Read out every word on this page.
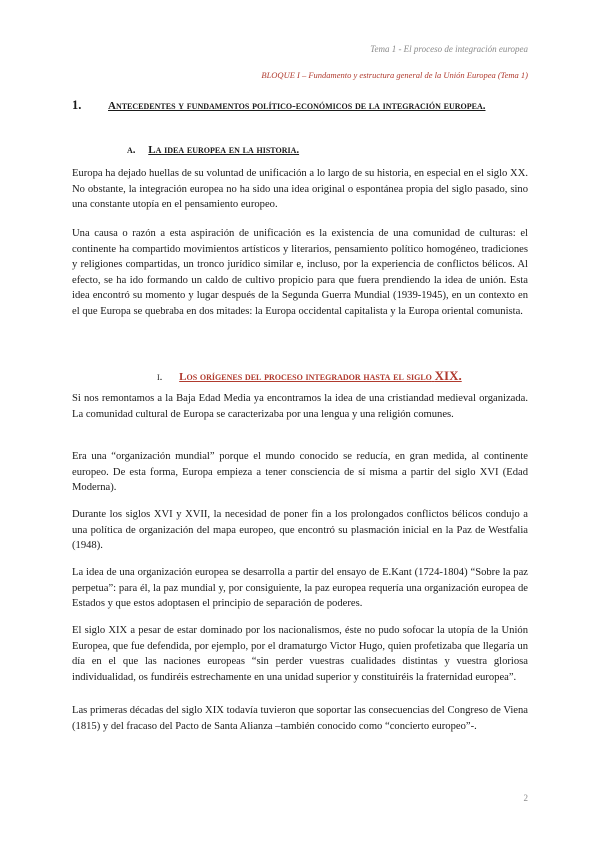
Tema 1 - El proceso de integración europea
BLOQUE I – Fundamento y estructura general de la Unión Europea (Tema 1)
1.	Antecedentes y fundamentos político-económicos de la integración europea.
a. La idea europea en la historia.

Europa ha dejado huellas de su voluntad de unificación a lo largo de su historia, en especial en el siglo XX. No obstante, la integración europea no ha sido una idea original o espontánea propia del siglo pasado, sino una constante utopía en el pensamiento europeo.

Una causa o razón a esta aspiración de unificación es la existencia de una comunidad de culturas: el continente ha compartido movimientos artísticos y literarios, pensamiento político homogéneo, tradiciones y religiones compartidas, un tronco jurídico similar e, incluso, por la experiencia de conflictos bélicos. Al efecto, se ha ido formando un caldo de cultivo propicio para que fuera prendiendo la idea de unión. Esta idea encontró su momento y lugar después de la Segunda Guerra Mundial (1939-1945), en un contexto en el que Europa se quebraba en dos mitades: la Europa occidental capitalista y la Europa oriental comunista.

i. Los orígenes del proceso integrador hasta el siglo XIX.

Si nos remontamos a la Baja Edad Media ya encontramos la idea de una cristiandad medieval organizada. La comunidad cultural de Europa se caracterizaba por una lengua y una religión comunes.

Era una “organización mundial” porque el mundo conocido se reducía, en gran medida, al continente europeo. De esta forma, Europa empieza a tener consciencia de sí misma a partir del siglo XVI (Edad Moderna).

Durante los siglos XVI y XVII, la necesidad de poner fin a los prolongados conflictos bélicos condujo a una política de organización del mapa europeo, que encontró su plasmación inicial en la Paz de Westfalia (1948).

La idea de una organización europea se desarrolla a partir del ensayo de E.Kant (1724-1804) “Sobre la paz perpetua”: para él, la paz mundial y, por consiguiente, la paz europea requería una organización europea de Estados y que estos adoptasen el principio de separación de poderes.

El siglo XIX a pesar de estar dominado por los nacionalismos, éste no pudo sofocar la utopía de la Unión Europea, que fue defendida, por ejemplo, por el dramaturgo Victor Hugo, quien profetizaba que llegaría un día en el que las naciones europeas “sin perder vuestras cualidades distintas y vuestra gloriosa individualidad, os fundiréis estrechamente en una unidad superior y constituiréis la fraternidad europea”.

Las primeras décadas del siglo XIX todavía tuvieron que soportar las consecuencias del Congreso de Viena (1815) y del fracaso del Pacto de Santa Alianza –también conocido como “concierto europeo”-.

2
